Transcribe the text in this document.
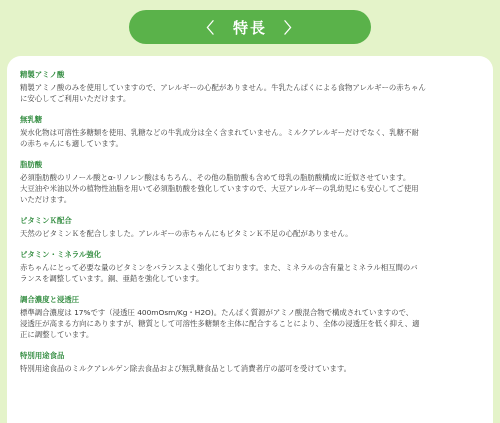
〈　特長　〉
精製アミノ酸

精製アミノ酸のみを使用していますので、アレルギーの心配がありません。牛乳たんぱくによる食物アレルギーの赤ちゃん

に安心してご利用いただけます。

無乳糖

炭水化物は可溶性多糖類を使用、乳糖などの牛乳成分は全く含まれていません。ミルクアレルギーだけでなく、乳糖不耐

の赤ちゃんにも適しています。

脂肪酸

必須脂肪酸のリノール酸とα-リノレン酸はもちろん、その他の脂肪酸も含めて母乳の脂肪酸構成に近似させています。

大豆油や米油以外の植物性油脂を用いて必須脂肪酸を強化していますので、大豆アレルギーの乳幼児にも安心してご使用

いただけます。

ビタミンＫ配合

天然のビタミンＫを配合しました。アレルギーの赤ちゃんにもビタミンＫ不足の心配がありません。

ビタミン・ミネラル強化

赤ちゃんにとって必要な量のビタミンをバランスよく強化しております。また、ミネラルの含有量とミネラル相互間のバ

ランスを調整しています。銅、亜鉛を強化しています。

調合濃度と浸透圧

標準調合濃度は 17%です（浸透圧 400mOsm/Kg・H2O)。たんぱく質源がアミノ酸混合物で構成されていますので、

浸透圧が高まる方向にありますが、糖質として可溶性多糖類を主体に配合することにより、全体の浸透圧を低く抑え、適

正に調整しています。

特別用途食品

特別用途食品のミルクアレルゲン除去食品および無乳糖食品として消費者庁の認可を受けています。
